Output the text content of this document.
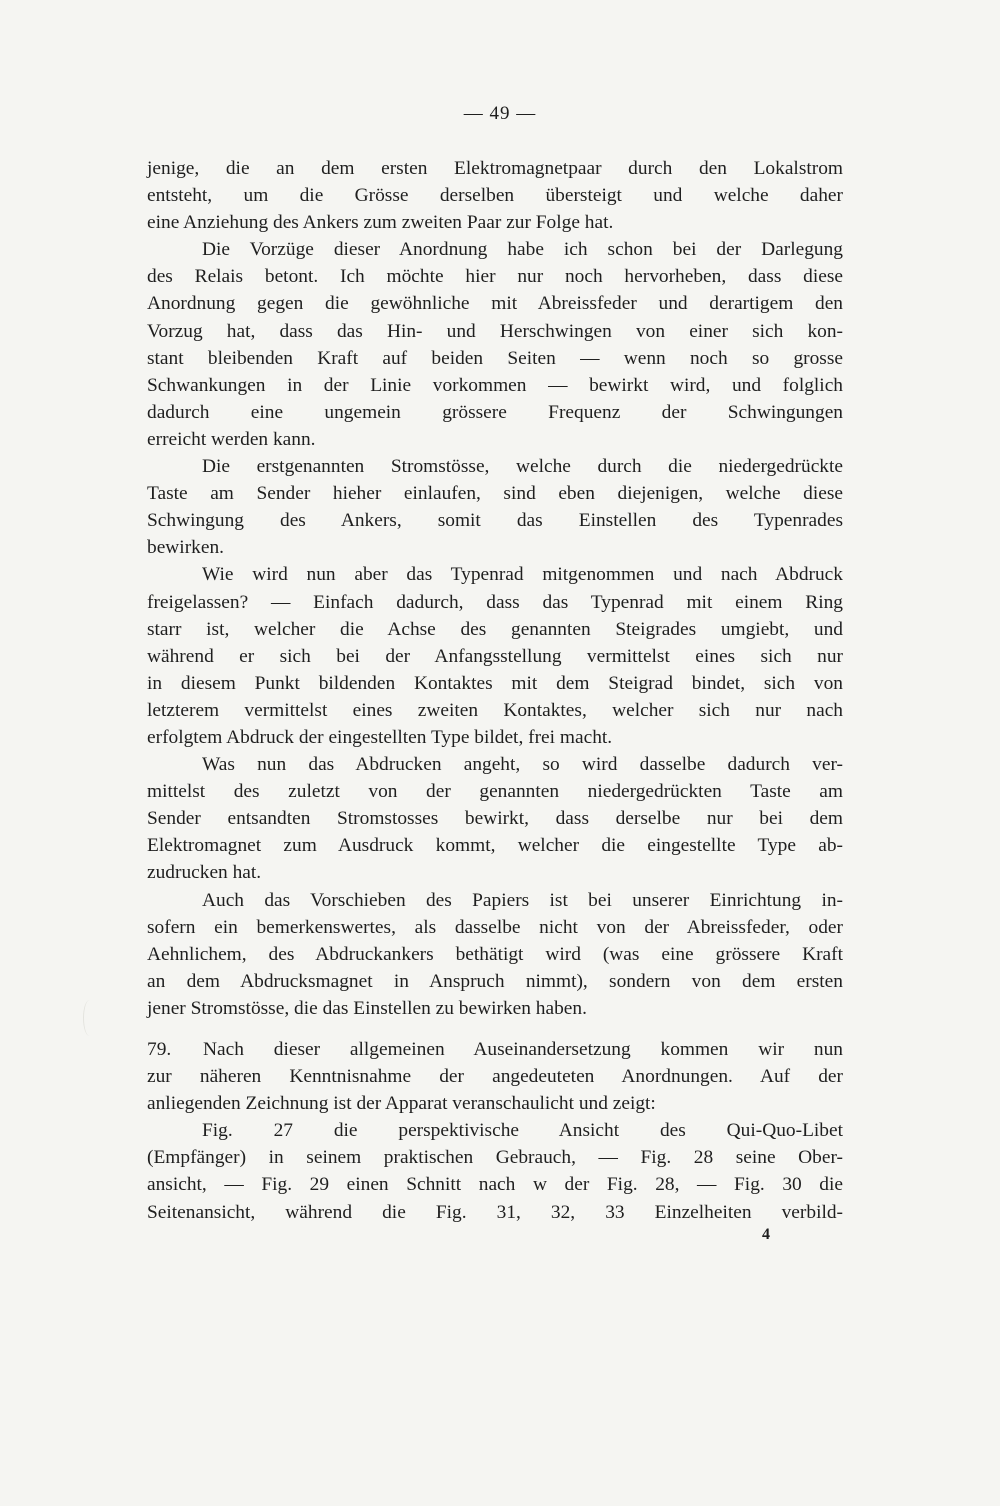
— 49 —
jenige, die an dem ersten Elektromagnetpaar durch den Lokalstrom
entsteht, um die Grösse derselben übersteigt und welche daher
eine Anziehung des Ankers zum zweiten Paar zur Folge hat.
Die Vorzüge dieser Anordnung habe ich schon bei der Darlegung
des Relais betont. Ich möchte hier nur noch hervorheben, dass diese
Anordnung gegen die gewöhnliche mit Abreissfeder und derartigem den
Vorzug hat, dass das Hin- und Herschwingen von einer sich kon-
stant bleibenden Kraft auf beiden Seiten — wenn noch so grosse
Schwankungen in der Linie vorkommen — bewirkt wird, und folglich
dadurch eine ungemein grössere Frequenz der Schwingungen
erreicht werden kann.
Die erstgenannten Stromstösse, welche durch die niedergedrückte
Taste am Sender hieher einlaufen, sind eben diejenigen, welche diese
Schwingung des Ankers, somit das Einstellen des Typenrades
bewirken.
Wie wird nun aber das Typenrad mitgenommen und nach Abdruck
freigelassen? — Einfach dadurch, dass das Typenrad mit einem Ring
starr ist, welcher die Achse des genannten Steigrades umgiebt, und
während er sich bei der Anfangsstellung vermittelst eines sich nur
in diesem Punkt bildenden Kontaktes mit dem Steigrad bindet, sich von
letzterem vermittelst eines zweiten Kontaktes, welcher sich nur nach
erfolgtem Abdruck der eingestellten Type bildet, frei macht.
Was nun das Abdrucken angeht, so wird dasselbe dadurch ver-
mittelst des zuletzt von der genannten niedergedrückten Taste am
Sender entsandten Stromstosses bewirkt, dass derselbe nur bei dem
Elektromagnet zum Ausdruck kommt, welcher die eingestellte Type ab-
zudrucken hat.
Auch das Vorschieben des Papiers ist bei unserer Einrichtung in-
sofern ein bemerkenswertes, als dasselbe nicht von der Abreissfeder, oder
Aehnlichem, des Abdruckankers bethätigt wird (was eine grössere Kraft
an dem Abdrucksmagnet in Anspruch nimmt), sondern von dem ersten
jener Stromstösse, die das Einstellen zu bewirken haben.
79. Nach dieser allgemeinen Auseinandersetzung kommen wir nun
zur näheren Kenntnisnahme der angedeuteten Anordnungen. Auf der
anliegenden Zeichnung ist der Apparat veranschaulicht und zeigt:
Fig. 27 die perspektivische Ansicht des Qui-Quo-Libet
(Empfänger) in seinem praktischen Gebrauch, — Fig. 28 seine Ober-
ansicht, — Fig. 29 einen Schnitt nach w der Fig. 28, — Fig. 30 die
Seitenansicht, während die Fig. 31, 32, 33 Einzelheiten verbild-
4
